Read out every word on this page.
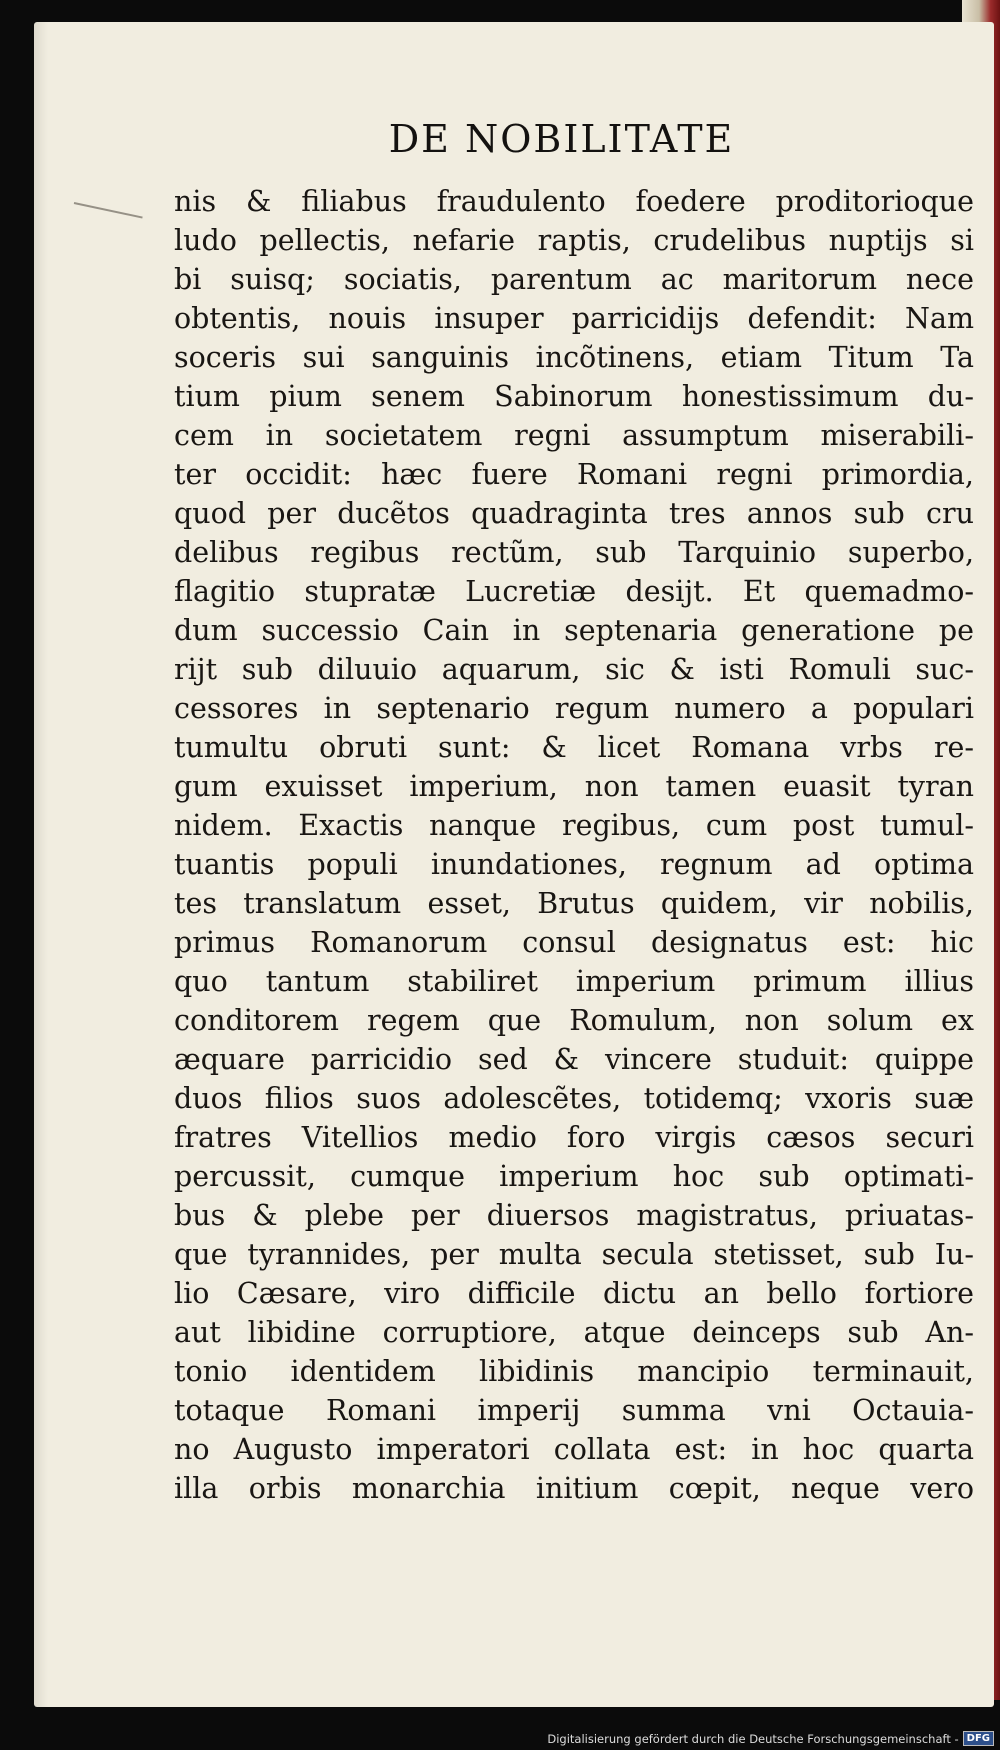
DE NOBILITATE
nis & filiabus fraudulento foedere proditorioque
ludo pellectis, nefarie raptis, crudelibus nuptijs si
bi suisq; sociatis, parentum ac maritorum nece
obtentis, nouis insuper parricidijs defendit: Nam
soceris sui sanguinis incõtinens, etiam Titum Ta
tium pium senem Sabinorum honestissimum du-
cem in societatem regni assumptum miserabili-
ter occidit: hæc fuere Romani regni primordia,
quod per ducẽtos quadraginta tres annos sub cru
delibus regibus rectũm, sub Tarquinio superbo,
flagitio stupratæ Lucretiæ desijt. Et quemadmo-
dum successio Cain in septenaria generatione pe
rijt sub diluuio aquarum, sic & isti Romuli suc-
cessores in septenario regum numero a populari
tumultu obruti sunt: & licet Romana vrbs re-
gum exuisset imperium, non tamen euasit tyran
nidem. Exactis nanque regibus, cum post tumul-
tuantis populi inundationes, regnum ad optima
tes translatum esset, Brutus quidem, vir nobilis,
primus Romanorum consul designatus est: hic
quo tantum stabiliret imperium primum illius
conditorem regem que Romulum, non solum ex
æquare parricidio sed & vincere studuit: quippe
duos filios suos adolescẽtes, totidemq; vxoris suæ
fratres Vitellios medio foro virgis cæsos securi
percussit, cumque imperium hoc sub optimati-
bus & plebe per diuersos magistratus, priuatas-
que tyrannides, per multa secula stetisset, sub Iu-
lio Cæsare, viro difficile dictu an bello fortiore
aut libidine corruptiore, atque deinceps sub An-
tonio identidem libidinis mancipio terminauit,
totaque Romani imperij summa vni Octauia-
no Augusto imperatori collata est: in hoc quarta
illa orbis monarchia initium cœpit, neque vero
Digitalisierung gefördert durch die Deutsche Forschungsgemeinschaft - DFG
